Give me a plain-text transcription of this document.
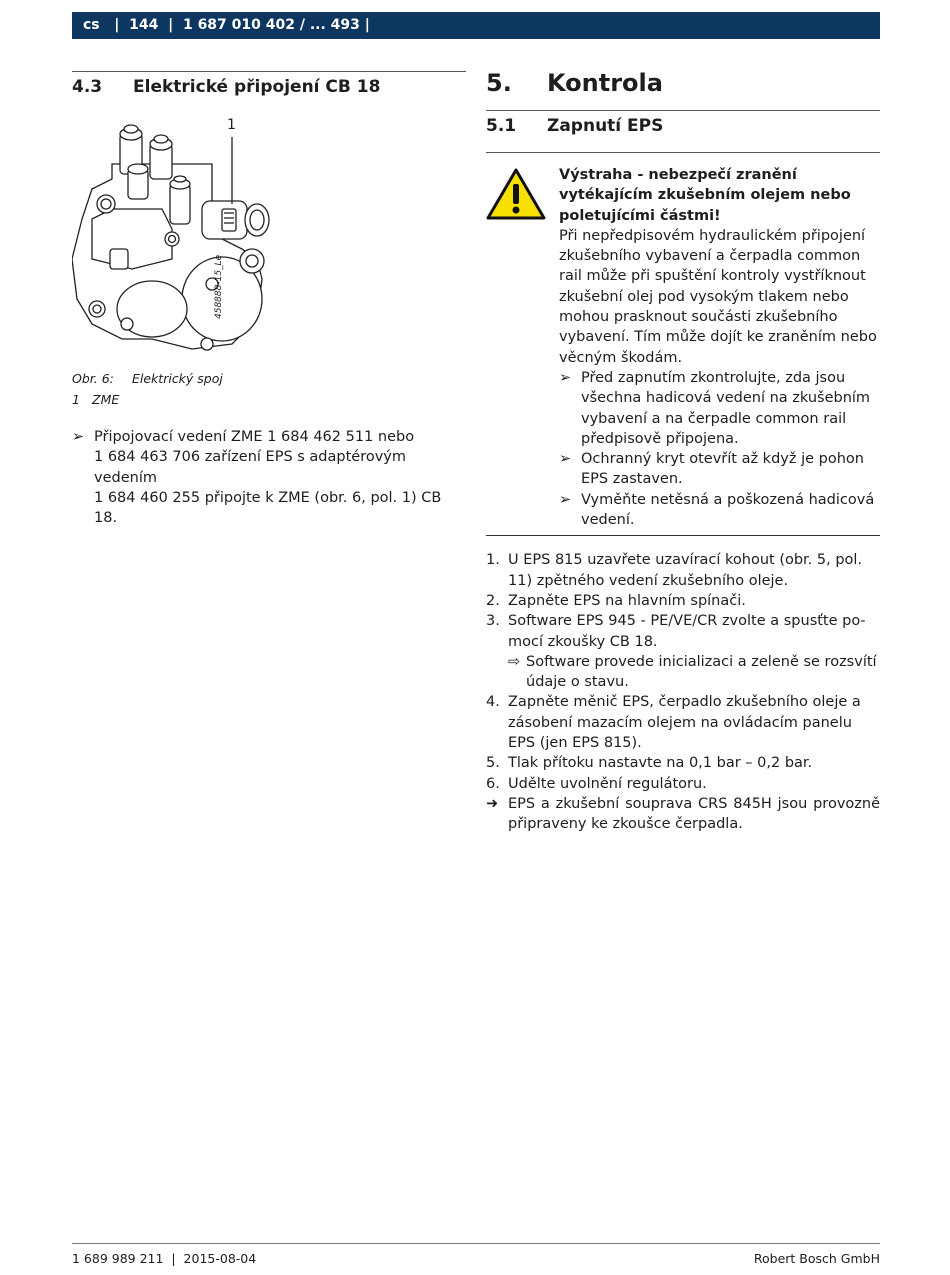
cs   |  144  |  1 687 010 402 / ... 493 |
4.3	Elektrické připojení CB 18
1
458888-15_Le
Obr. 6:	Elektrický spoj
1 ZME
➢ Připojovací vedení ZME 1 684 462 511 nebo
1 684 463 706 zařízení EPS s adaptérovým vedením
1 684 460 255 připojte k ZME (obr. 6, pol. 1) CB 18.
5.	Kontrola
5.1	Zapnutí EPS
Výstraha - nebezpečí zranění vytékajícím zkušebním olejem nebo poletujícími částmi!
Při nepředpisovém hydraulickém připojení zkušebního vybavení a čerpadla common rail může při spuštění kontroly vystříknout zkušební olej pod vysokým tlakem nebo mohou prasknout součásti zkušebního vybavení. Tím může dojít ke zraněním nebo věcným škodám.
➢ Před zapnutím zkontrolujte, zda jsou všechna hadicová vedení na zkušebním vybavení a na čerpadle common rail předpisově připojena.
➢ Ochranný kryt otevřít až když je pohon EPS zastaven.
➢ Vyměňte netěsná a poškozená hadicová vedení.
1. U EPS 815 uzavřete uzavírací kohout (obr. 5, pol. 11) zpětného vedení zkušebního oleje.
2. Zapněte EPS na hlavním spínači.
3. Software EPS 945 - PE/VE/CR zvolte a spusťte pomocí zkoušky CB 18.
⇨ Software provede inicializaci a zeleně se rozsvítí údaje o stavu.
4. Zapněte měnič EPS, čerpadlo zkušebního oleje a zásobení mazacím olejem na ovládacím panelu EPS (jen EPS 815).
5. Tlak přítoku nastavte na 0,1 bar – 0,2 bar.
6. Udělte uvolnění regulátoru.
➜ EPS a zkušební souprava CRS 845H jsou provozně připraveny ke zkoušce čerpadla.
1 689 989 211  |  2015-08-04	Robert Bosch GmbH
